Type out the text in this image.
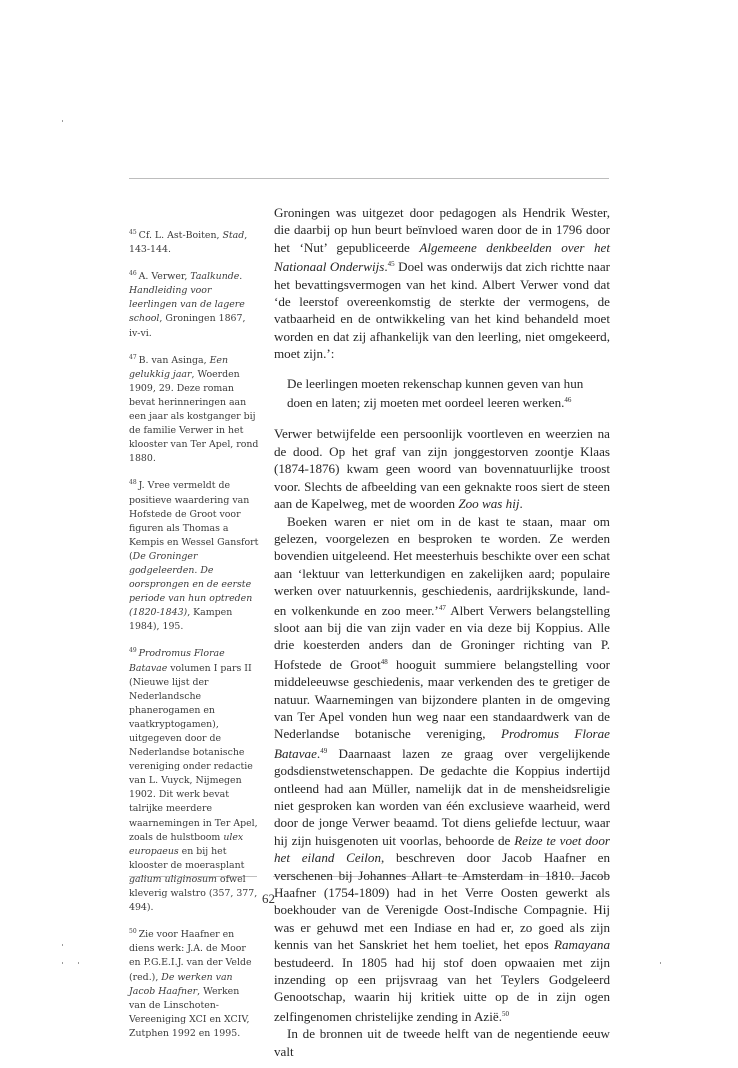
$^{45}$ Cf. L. Ast-Boiten, Stad, 143-144.
$^{46}$ A. Verwer, Taalkunde. Handleiding voor leerlingen van de lagere school, Groningen 1867, iv-vi.
$^{47}$ B. van Asinga, Een gelukkig jaar, Woerden 1909, 29. Deze roman bevat herinneringen aan een jaar als kostganger bij de familie Verwer in het klooster van Ter Apel, rond 1880.
$^{48}$ J. Vree vermeldt de positieve waardering van Hofstede de Groot voor figuren als Thomas a Kempis en Wessel Gansfort (De Groninger godgeleerden. De oorsprongen en de eerste periode van hun optreden (1820-1843), Kampen 1984), 195.
$^{49}$ Prodromus Florae Batavae volumen I pars II (Nieuwe lijst der Nederlandsche phanerogamen en vaatkryptogamen), uitgegeven door de Nederlandse botanische vereniging onder redactie van L. Vuyck, Nijmegen 1902. Dit werk bevat talrijke meerdere waarnemingen in Ter Apel, zoals de hulstboom ulex europaeus en bij het klooster de moerasplant galium uliginosum ofwel kleverig walstro (357, 377, 494).
$^{50}$ Zie voor Haafner en diens werk: J.A. de Moor en P.G.E.I.J. van der Velde (red.), De werken van Jacob Haafner, Werken van de Linschoten-Vereeniging XCI en XCIV, Zutphen 1992 en 1995.

Groningen was uitgezet door pedagogen als Hendrik Wester, die daarbij op hun beurt beïnvloed waren door de in 1796 door het ‘Nut’ gepubliceerde Algemeene denkbeelden over het Nationaal Onderwijs.$^{45}$ Doel was onderwijs dat zich richtte naar het bevattingsvermogen van het kind. Albert Verwer vond dat ‘de leerstof overeenkomstig de sterkte der vermogens, de vatbaarheid en de ontwikkeling van het kind behandeld moet worden en dat zij afhankelijk van den leerling, niet omgekeerd, moet zijn.’:

De leerlingen moeten rekenschap kunnen geven van hun doen en laten; zij moeten met oordeel leeren werken.$^{46}$

Verwer betwijfelde een persoonlijk voortleven en weerzien na de dood. Op het graf van zijn jonggestorven zoontje Klaas (1874-1876) kwam geen woord van bovennatuurlijke troost voor. Slechts de afbeelding van een geknakte roos siert de steen aan de Kapelweg, met de woorden Zoo was hij.

Boeken waren er niet om in de kast te staan, maar om gelezen, voorgelezen en besproken te worden. Ze werden bovendien uitgeleend. Het meesterhuis beschikte over een schat aan ‘lektuur van letterkundigen en zakelijken aard; populaire werken over natuurkennis, geschiedenis, aardrijkskunde, land- en volkenkunde en zoo meer.’$^{47}$ Albert Verwers belangstelling sloot aan bij die van zijn vader en via deze bij Koppius. Alle drie koesterden anders dan de Groninger richting van P. Hofstede de Groot$^{48}$ hooguit summiere belangstelling voor middeleeuwse geschiedenis, maar verkenden des te gretiger de natuur. Waarnemingen van bijzondere planten in de omgeving van Ter Apel vonden hun weg naar een standaardwerk van de Nederlandse botanische vereniging, Prodromus Florae Batavae.$^{49}$ Daarnaast lazen ze graag over vergelijkende godsdienstwetenschappen. De gedachte die Koppius indertijd ontleend had aan Müller, namelijk dat in de mensheidsreligie niet gesproken kan worden van één exclusieve waarheid, werd door de jonge Verwer beaamd. Tot diens geliefde lectuur, waar hij zijn huisgenoten uit voorlas, behoorde de Reize te voet door het eiland Ceilon, beschreven door Jacob Haafner en verschenen bij Johannes Allart te Amsterdam in 1810. Jacob Haafner (1754-1809) had in het Verre Oosten gewerkt als boekhouder van de Verenigde Oost-Indische Compagnie. Hij was er gehuwd met een Indiase en had er, zo goed als zijn kennis van het Sanskriet het hem toeliet, het epos Ramayana bestudeerd. In 1805 had hij stof doen opwaaien met zijn inzending op een prijsvraag van het Teylers Godgeleerd Genootschap, waarin hij kritiek uitte op de in zijn ogen zelfingenomen christelijke zending in Azië.$^{50}$

In de bronnen uit de tweede helft van de negentiende eeuw valt

62
